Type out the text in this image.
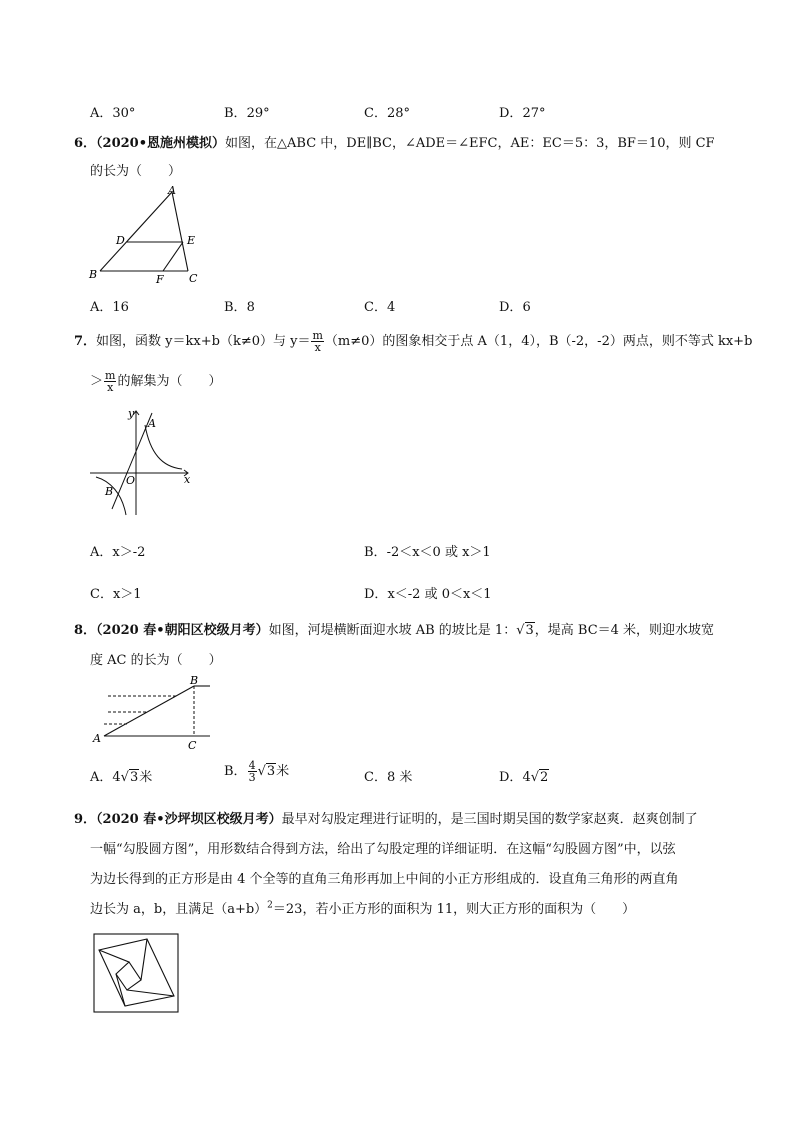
A．30°	B．29°	C．28°	D．27°
6．（2020•恩施州模拟）如图，在△ABC 中，DE∥BC，∠ADE＝∠EFC，AE：EC＝5：3，BF＝10，则 CF
的长为（　　）
A
D	E
B	F C
A．16	B．8	C．4	D．6
7．如图，函数 y＝kx+b（k≠0）与 $y= \frac{m}{x} (m\ne 0)$的图象相交于点 A（1，4），B（-2，-2）两点，则不等式 kx+b
＞ $\frac{m}{x}$ 的解集为（　　）
y
x
O
A
B
A．x＞-2	B．-2＜x＜0 或 x＞1
C．x＞1	D．x＜-2 或 0＜x＜1
8．（2020 春•朝阳区校级月考）如图，河堤横断面迎水坡 AB 的坡比是 1：√3，堤高 BC＝4 米，则迎水坡宽
度 AC 的长为（　　）
A
B
C
A．4√3米	B． $\frac{4}{3} √3$米	C．8 米	D．4√2
9．（2020 春•沙坪坝区校级月考）最早对勾股定理进行证明的，是三国时期吴国的数学家赵爽．赵爽创制了
一幅“勾股圆方图”，用形数结合得到方法，给出了勾股定理的详细证明．在这幅“勾股圆方图”中，以弦
为边长得到的正方形是由 4 个全等的直角三角形再加上中间的小正方形组成的．设直角三角形的两直角
边长为 a，b，且满足$(a+b)^2=23$，若小正方形的面积为 11，则大正方形的面积为（　　）
